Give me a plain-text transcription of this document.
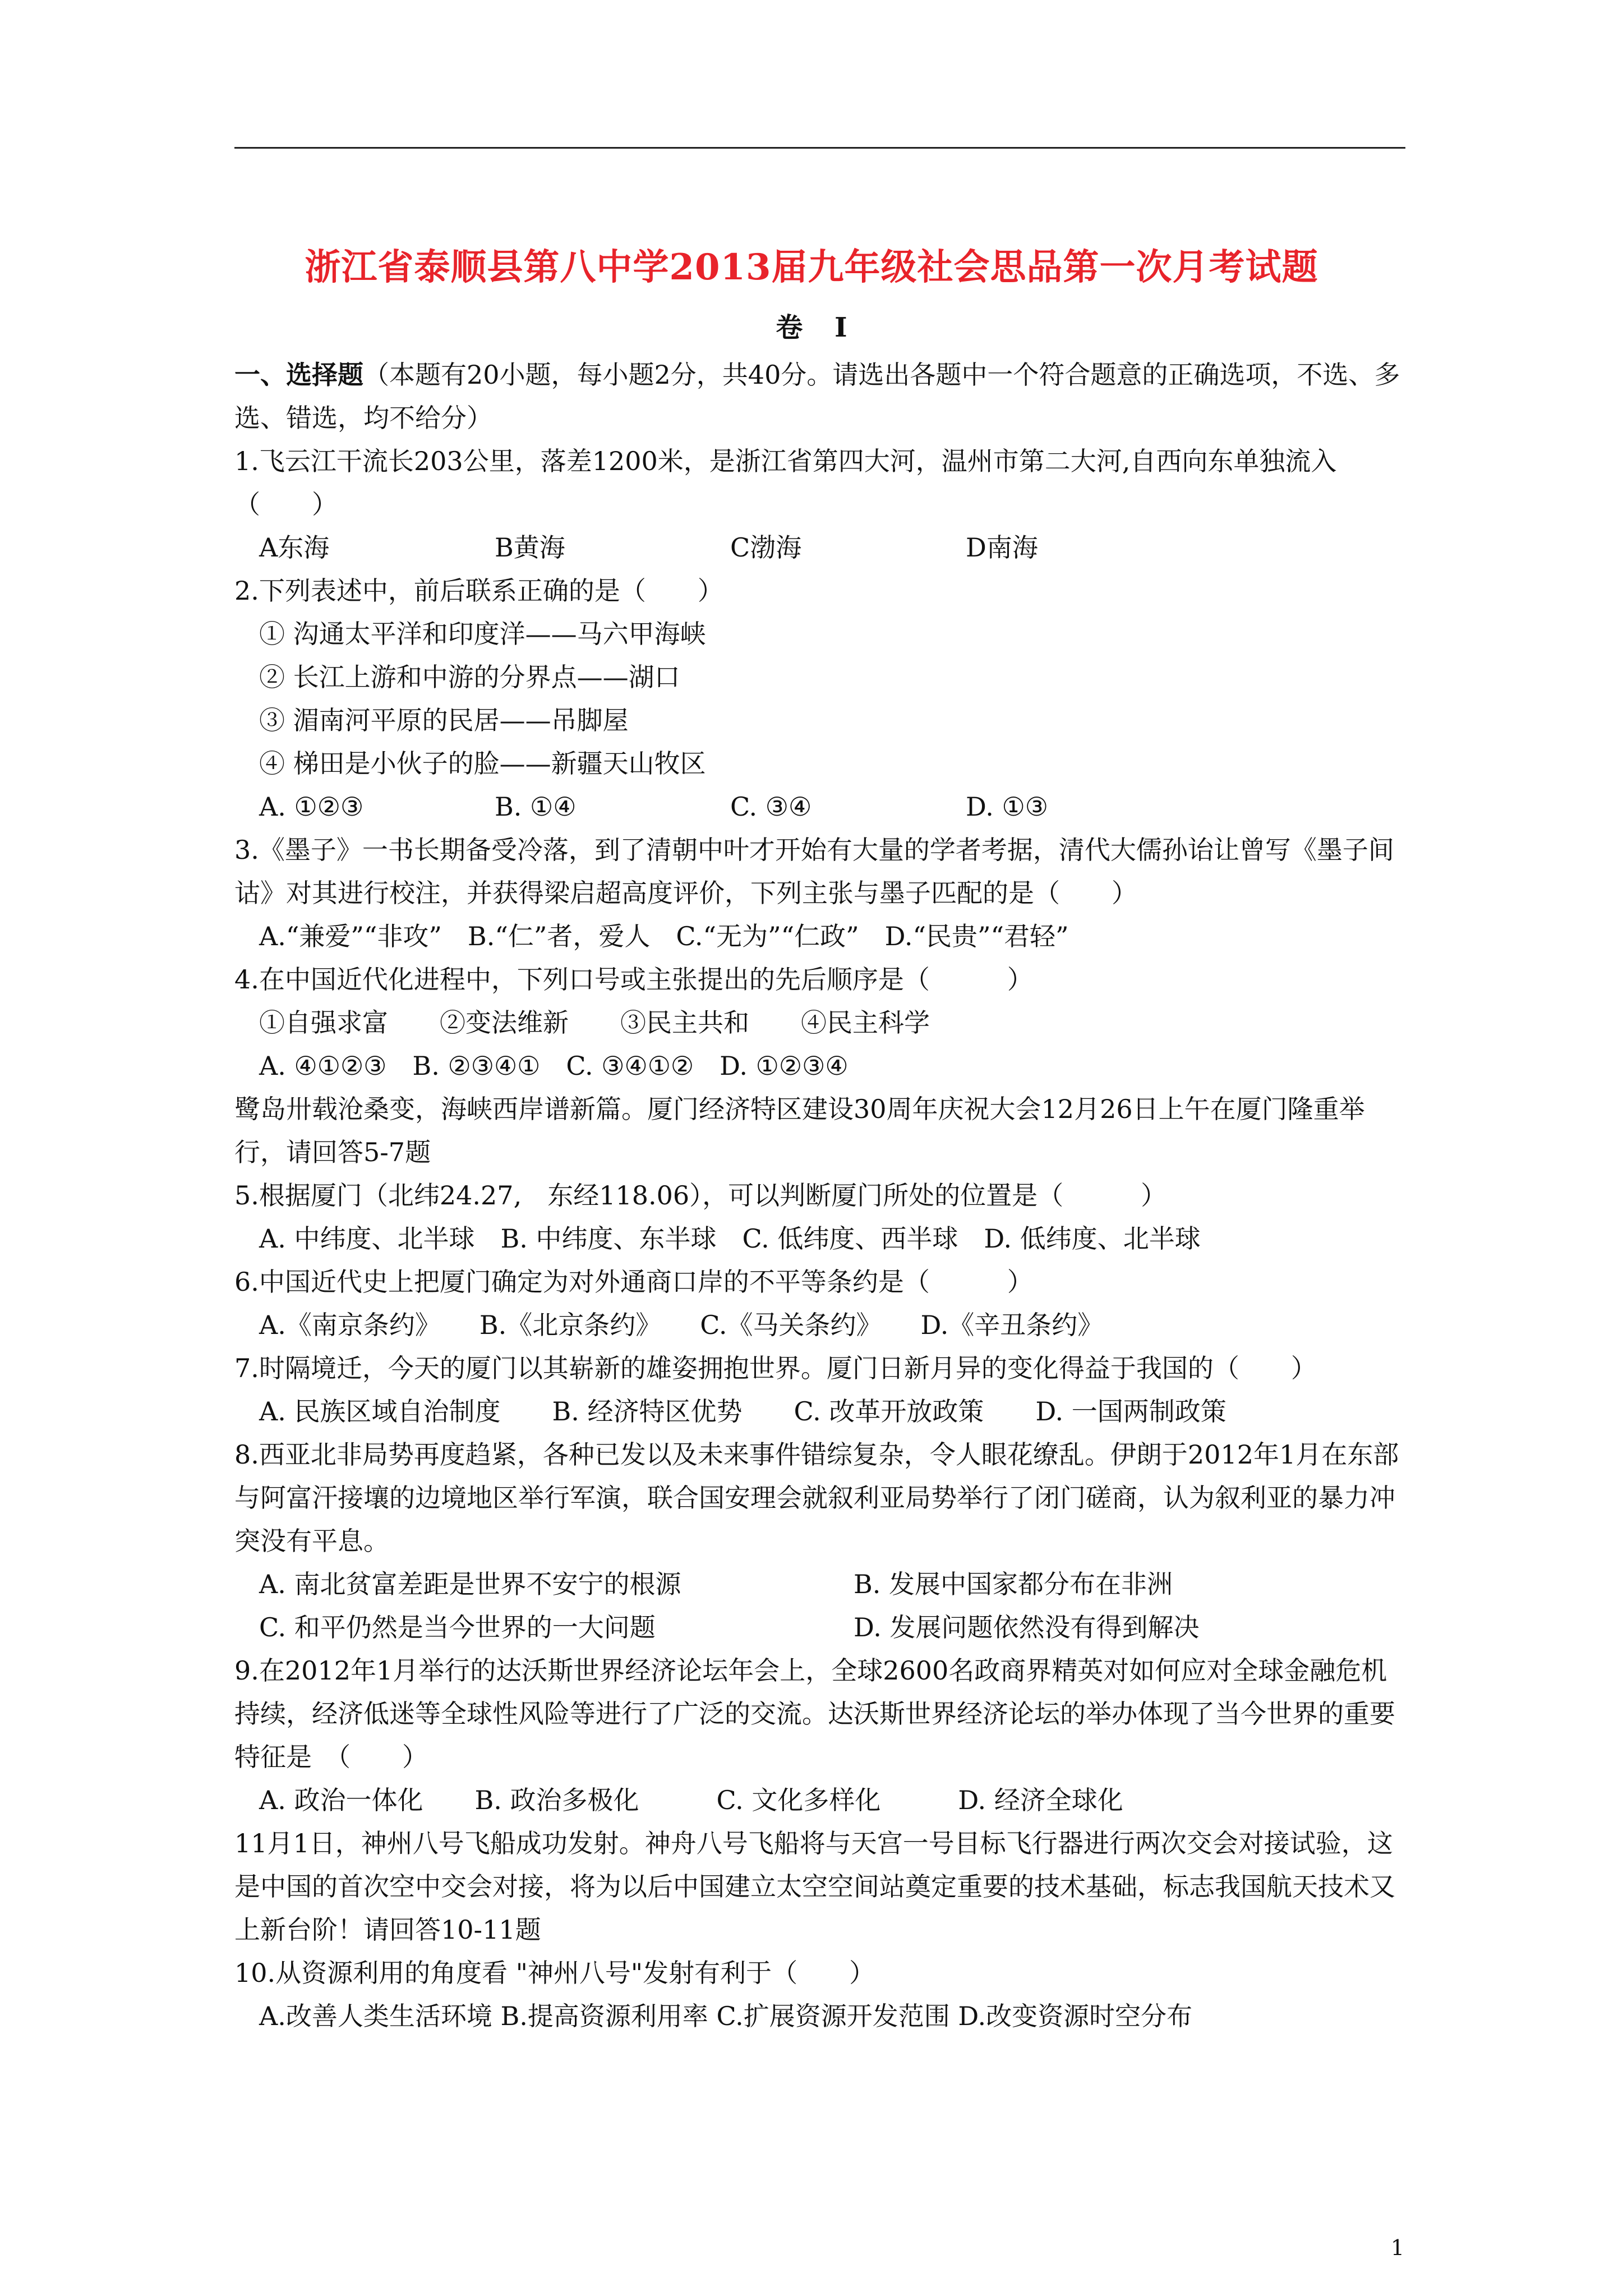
浙江省泰顺县第八中学2013届九年级社会思品第一次月考试题
卷 Ⅰ

一、选择题（本题有20小题，每小题2分，共40分。请选出各题中一个符合题意的正确选项，不选、多选、错选，均不给分）

1.飞云江干流长203公里，落差1200米，是浙江省第四大河，温州市第二大河,自西向东单独流入（　　）

A东海	B黄海	C渤海	D南海

2.下列表述中，前后联系正确的是（　　）

① 沟通太平洋和印度洋——马六甲海峡

② 长江上游和中游的分界点——湖口

③ 湄南河平原的民居——吊脚屋

④ 梯田是小伙子的脸——新疆天山牧区

A. ①②③	B. ①④	C. ③④	D. ①③

3.《墨子》一书长期备受冷落，到了清朝中叶才开始有大量的学者考据，清代大儒孙诒让曾写《墨子间诂》对其进行校注，并获得梁启超高度评价，下列主张与墨子匹配的是（　　）

A.“兼爱”“非攻”　B.“仁”者，爱人　C.“无为”“仁政”　D.“民贵”“君轻”

4.在中国近代化进程中，下列口号或主张提出的先后顺序是（　　　）

①自强求富　　②变法维新　　③民主共和　　④民主科学

A. ④①②③　B. ②③④①　C. ③④①②　D. ①②③④

鹭岛卅载沧桑变，海峡西岸谱新篇。厦门经济特区建设30周年庆祝大会12月26日上午在厦门隆重举行，请回答5-7题

5.根据厦门（北纬24.27,　东经118.06），可以判断厦门所处的位置是（　　　）

A. 中纬度、北半球　B. 中纬度、东半球　C. 低纬度、西半球　D. 低纬度、北半球

6.中国近代史上把厦门确定为对外通商口岸的不平等条约是（　　　）

A.《南京条约》　　B.《北京条约》　　C.《马关条约》　　D.《辛丑条约》

7.时隔境迁，今天的厦门以其崭新的雄姿拥抱世界。厦门日新月异的变化得益于我国的（　　）

A. 民族区域自治制度　　B. 经济特区优势　　C. 改革开放政策　　D. 一国两制政策

8.西亚北非局势再度趋紧，各种已发以及未来事件错综复杂，令人眼花缭乱。伊朗于2012年1月在东部与阿富汗接壤的边境地区举行军演，联合国安理会就叙利亚局势举行了闭门磋商，认为叙利亚的暴力冲突没有平息。

A. 南北贫富差距是世界不安宁的根源	B. 发展中国家都分布在非洲

C. 和平仍然是当今世界的一大问题	D. 发展问题依然没有得到解决

9.在2012年1月举行的达沃斯世界经济论坛年会上，全球2600名政商界精英对如何应对全球金融危机持续，经济低迷等全球性风险等进行了广泛的交流。达沃斯世界经济论坛的举办体现了当今世界的重要特征是　（　　）

A. 政治一体化　　B. 政治多极化　　　C. 文化多样化　　　D. 经济全球化

11月1日，神州八号飞船成功发射。神舟八号飞船将与天宫一号目标飞行器进行两次交会对接试验，这是中国的首次空中交会对接，将为以后中国建立太空空间站奠定重要的技术基础，标志我国航天技术又上新台阶！请回答10-11题

10.从资源利用的角度看 "神州八号"发射有利于（　　）

A.改善人类生活环境 B.提高资源利用率 C.扩展资源开发范围 D.改变资源时空分布

1
